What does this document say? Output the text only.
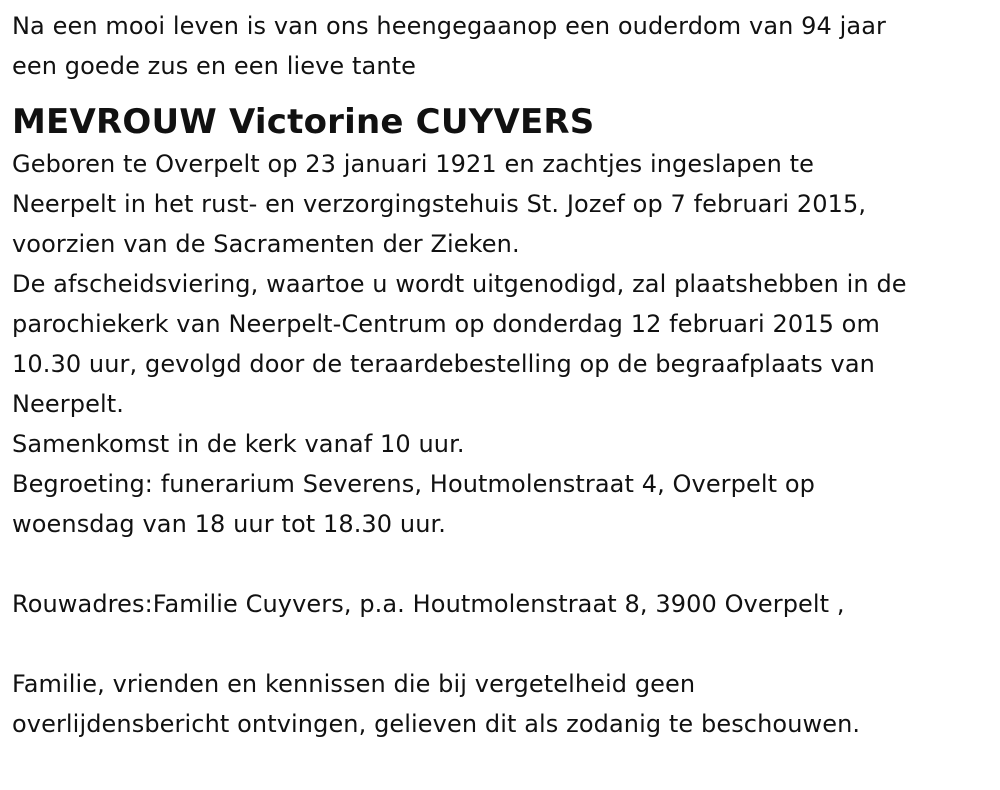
Na een mooi leven is van ons heengegaanop een ouderdom van 94 jaar
een goede zus en een lieve tante
MEVROUW Victorine CUYVERS
Geboren te Overpelt op 23 januari 1921 en zachtjes ingeslapen te
Neerpelt in het rust- en verzorgingstehuis St. Jozef op 7 februari 2015,
voorzien van de Sacramenten der Zieken.
De afscheidsviering, waartoe u wordt uitgenodigd, zal plaatshebben in de
parochiekerk van Neerpelt-Centrum op donderdag 12 februari 2015 om
10.30 uur, gevolgd door de teraardebestelling op de begraafplaats van
Neerpelt.
Samenkomst in de kerk vanaf 10 uur.
Begroeting: funerarium Severens, Houtmolenstraat 4, Overpelt op
woensdag van 18 uur tot 18.30 uur.
Rouwadres:Familie Cuyvers, p.a. Houtmolenstraat 8, 3900 Overpelt ,
Familie, vrienden en kennissen die bij vergetelheid geen
overlijdensbericht ontvingen, gelieven dit als zodanig te beschouwen.
